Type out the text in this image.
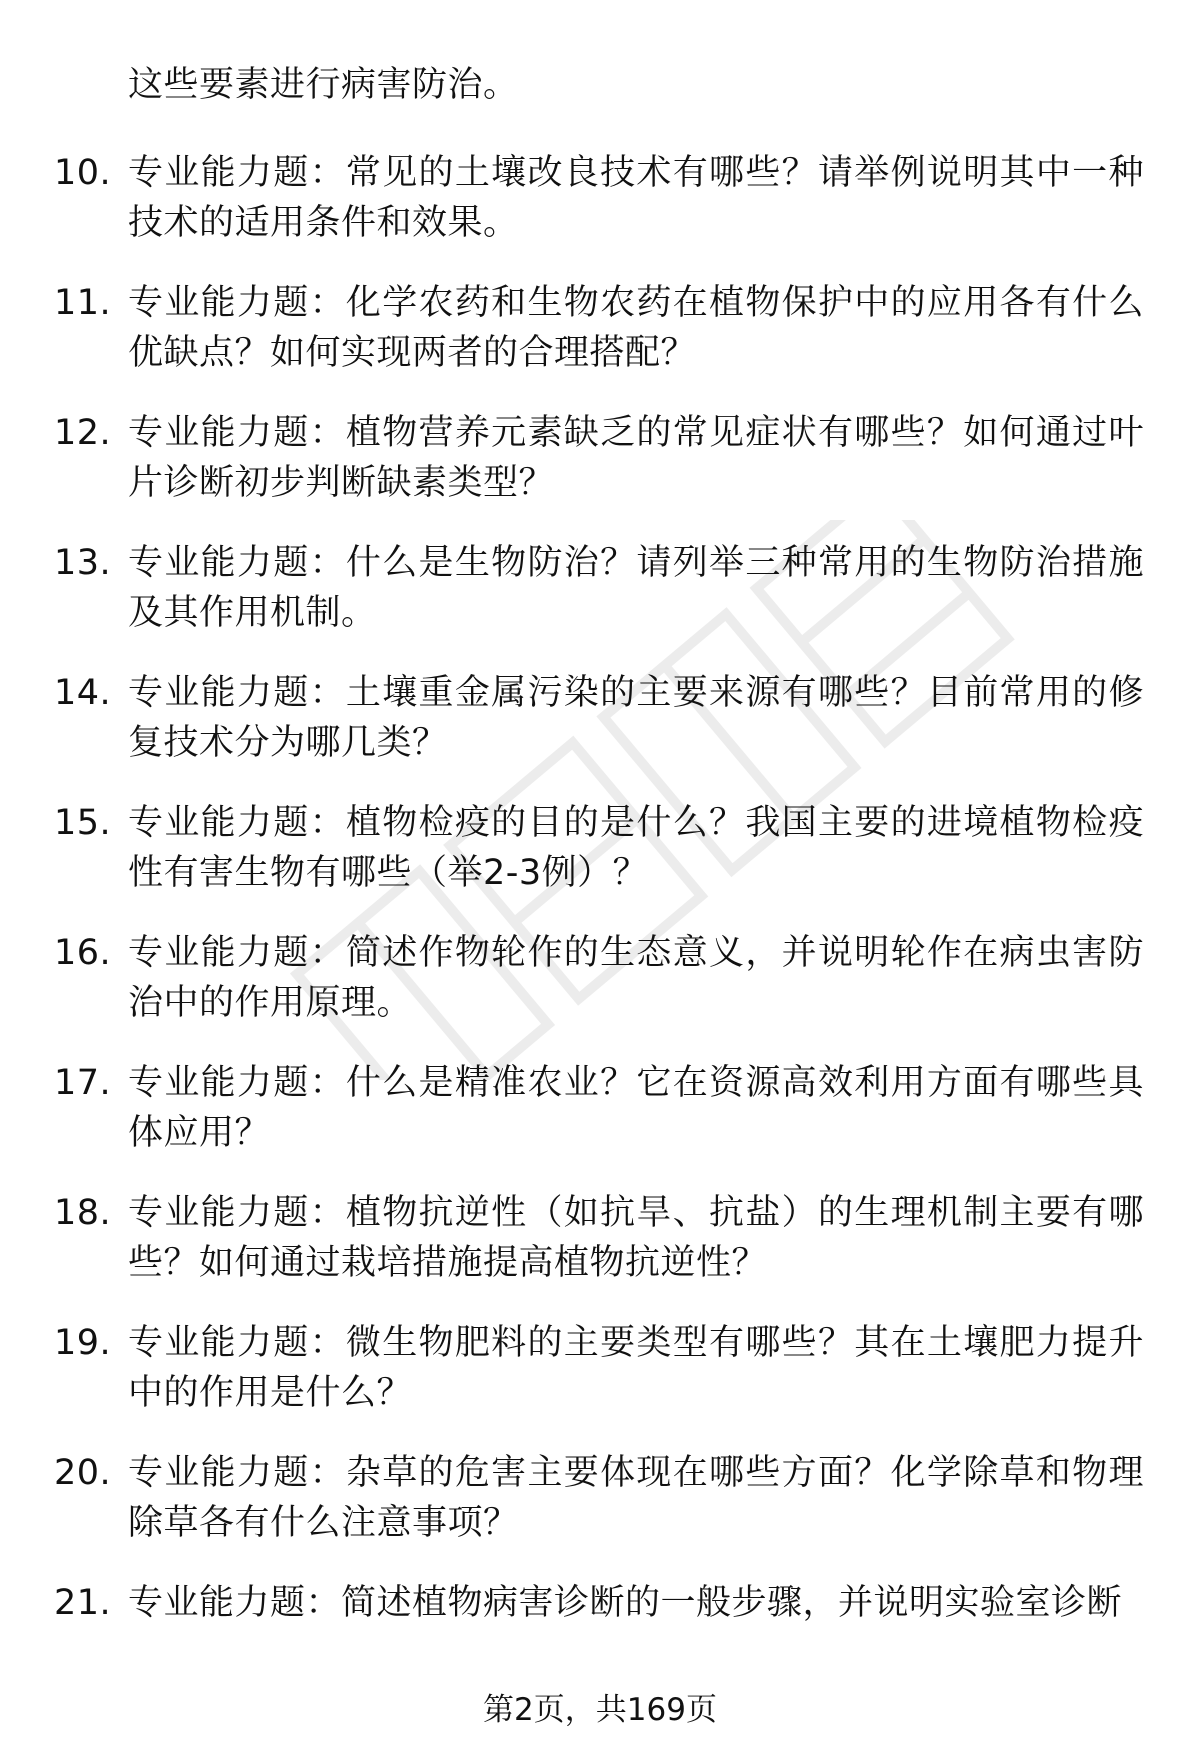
这些要素进行病害防治。

10. 专业能力题：常见的土壤改良技术有哪些？请举例说明其中一种技术的适用条件和效果。
11. 专业能力题：化学农药和生物农药在植物保护中的应用各有什么优缺点？如何实现两者的合理搭配？
12. 专业能力题：植物营养元素缺乏的常见症状有哪些？如何通过叶片诊断初步判断缺素类型？
13. 专业能力题：什么是生物防治？请列举三种常用的生物防治措施及其作用机制。
14. 专业能力题：土壤重金属污染的主要来源有哪些？目前常用的修复技术分为哪几类？
15. 专业能力题：植物检疫的目的是什么？我国主要的进境植物检疫性有害生物有哪些（举2-3例）？
16. 专业能力题：简述作物轮作的生态意义，并说明轮作在病虫害防治中的作用原理。
17. 专业能力题：什么是精准农业？它在资源高效利用方面有哪些具体应用？
18. 专业能力题：植物抗逆性（如抗旱、抗盐）的生理机制主要有哪些？如何通过栽培措施提高植物抗逆性？
19. 专业能力题：微生物肥料的主要类型有哪些？其在土壤肥力提升中的作用是什么？
20. 专业能力题：杂草的危害主要体现在哪些方面？化学除草和物理除草各有什么注意事项？
21. 专业能力题：简述植物病害诊断的一般步骤，并说明实验室诊断
第2页，共169页
